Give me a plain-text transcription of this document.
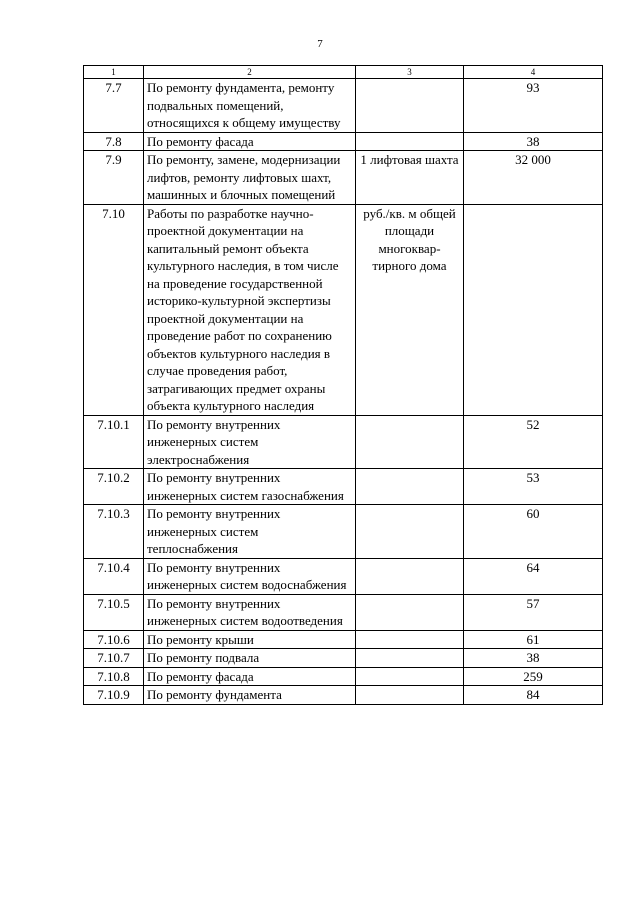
7
1	2	3	4
7.7	По ремонту фундамента, ремонту подвальных помещений, относящихся к общему имуществу		93
7.8	По ремонту фасада		38
7.9	По ремонту, замене, модернизации лифтов, ремонту лифтовых шахт, машинных и блочных помещений	1 лифтовая шахта	32 000
7.10	Работы по разработке научно-проектной документации на капитальный ремонт объекта культурного наследия, в том числе на проведение государственной историко-культурной экспертизы проектной документации на проведение работ по сохранению объектов культурного наследия в случае проведения работ, затрагивающих предмет охраны объекта культурного наследия	руб./кв. м общей площади многоквар-тирного дома	
7.10.1	По ремонту внутренних инженерных систем электроснабжения		52
7.10.2	По ремонту внутренних инженерных систем газоснабжения		53
7.10.3	По ремонту внутренних инженерных систем теплоснабжения		60
7.10.4	По ремонту внутренних инженерных систем водоснабжения		64
7.10.5	По ремонту внутренних инженерных систем водоотведения		57
7.10.6	По ремонту крыши		61
7.10.7	По ремонту подвала		38
7.10.8	По ремонту фасада		259
7.10.9	По ремонту фундамента		84
